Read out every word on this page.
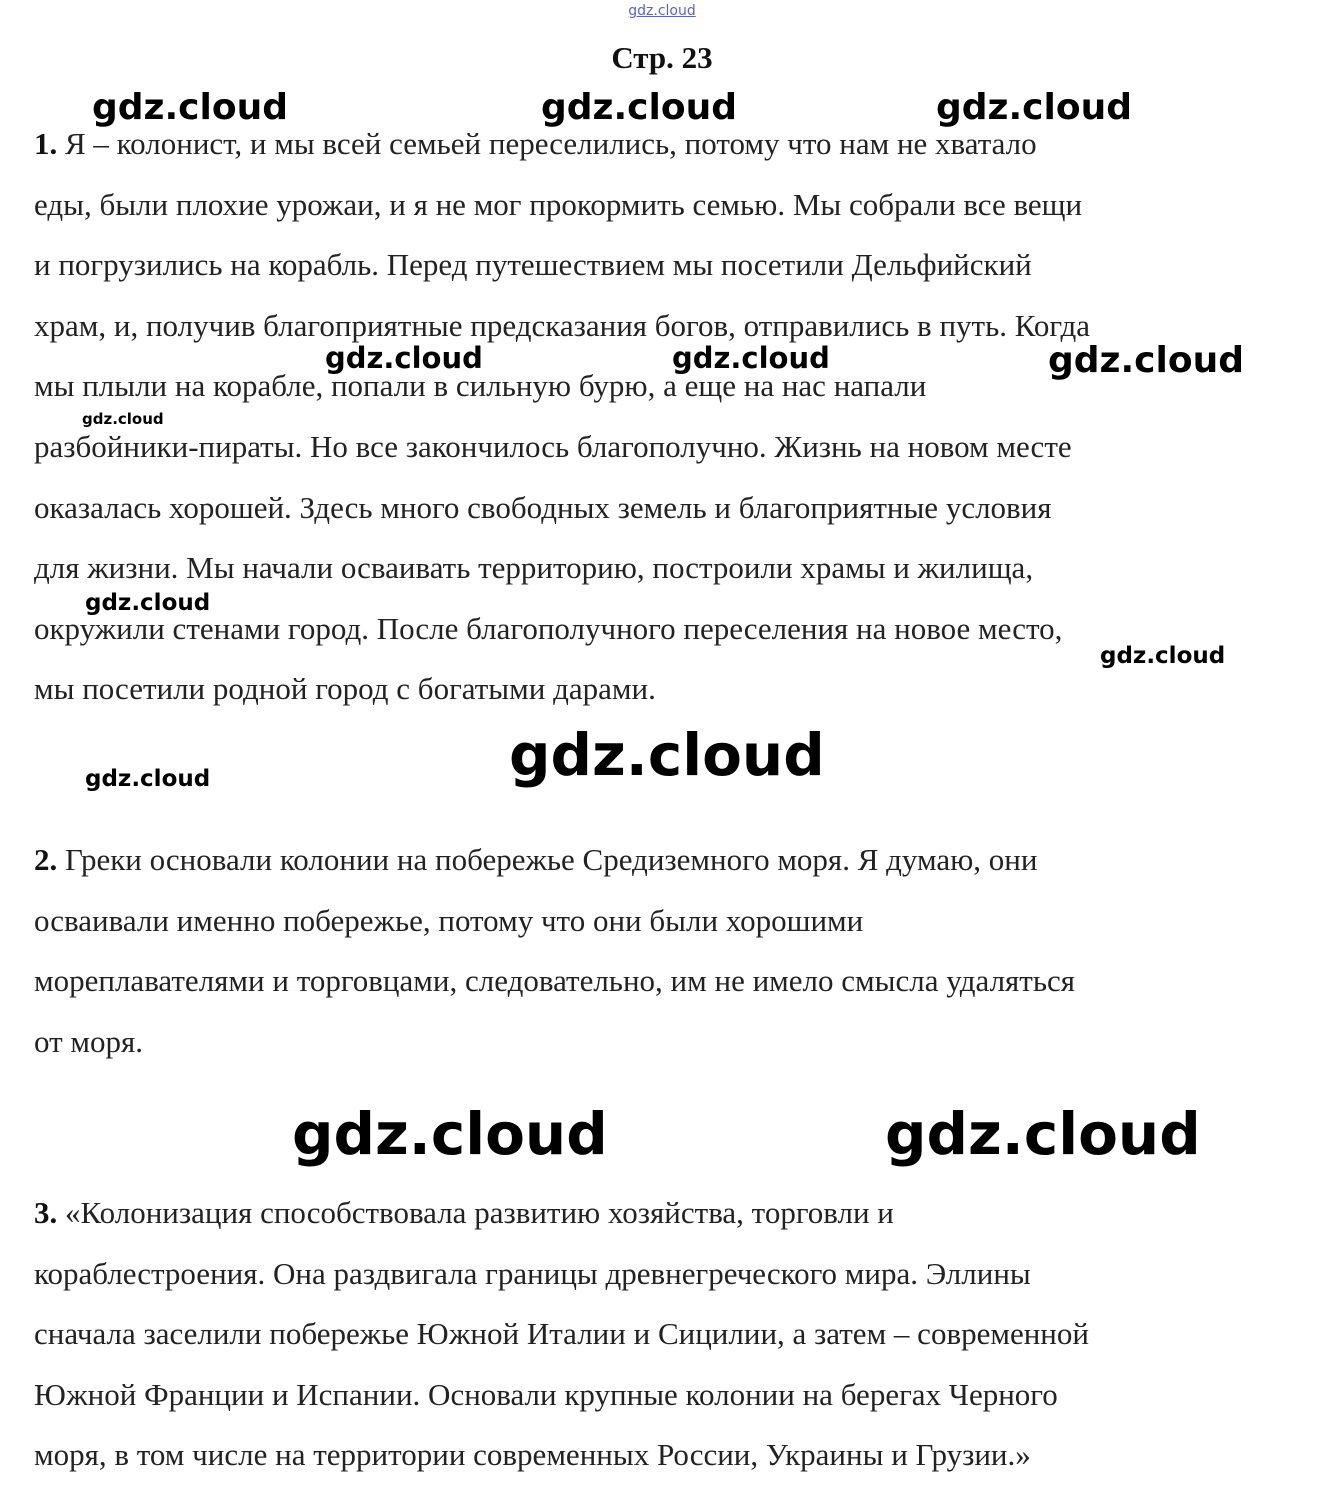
gdz.cloud
Стр. 23
1. Я – колонист, и мы всей семьей переселились, потому что нам не хватало
еды, были плохие урожаи, и я не мог прокормить семью. Мы собрали все вещи
и погрузились на корабль. Перед путешествием мы посетили Дельфийский
храм, и, получив благоприятные предсказания богов, отправились в путь. Когда
мы плыли на корабле, попали в сильную бурю, а еще на нас напали
разбойники-пираты. Но все закончилось благополучно. Жизнь на новом месте
оказалась хорошей. Здесь много свободных земель и благоприятные условия
для жизни. Мы начали осваивать территорию, построили храмы и жилища,
окружили стенами город. После благополучного переселения на новое место,
мы посетили родной город с богатыми дарами.
2. Греки основали колонии на побережье Средиземного моря. Я думаю, они
осваивали именно побережье, потому что они были хорошими
мореплавателями и торговцами, следовательно, им не имело смысла удаляться
от моря.
3. «Колонизация способствовала развитию хозяйства, торговли и
кораблестроения. Она раздвигала границы древнегреческого мира. Эллины
сначала заселили побережье Южной Италии и Сицилии, а затем – современной
Южной Франции и Испании. Основали крупные колонии на берегах Черного
моря, в том числе на территории современных России, Украины и Грузии.»
gdz.cloud	gdz.cloud	gdz.cloud
gdz.cloud	gdz.cloud	gdz.cloud
gdz.cloud
gdz.cloud
gdz.cloud
gdz.cloud
gdz.cloud
gdz.cloud	gdz.cloud
